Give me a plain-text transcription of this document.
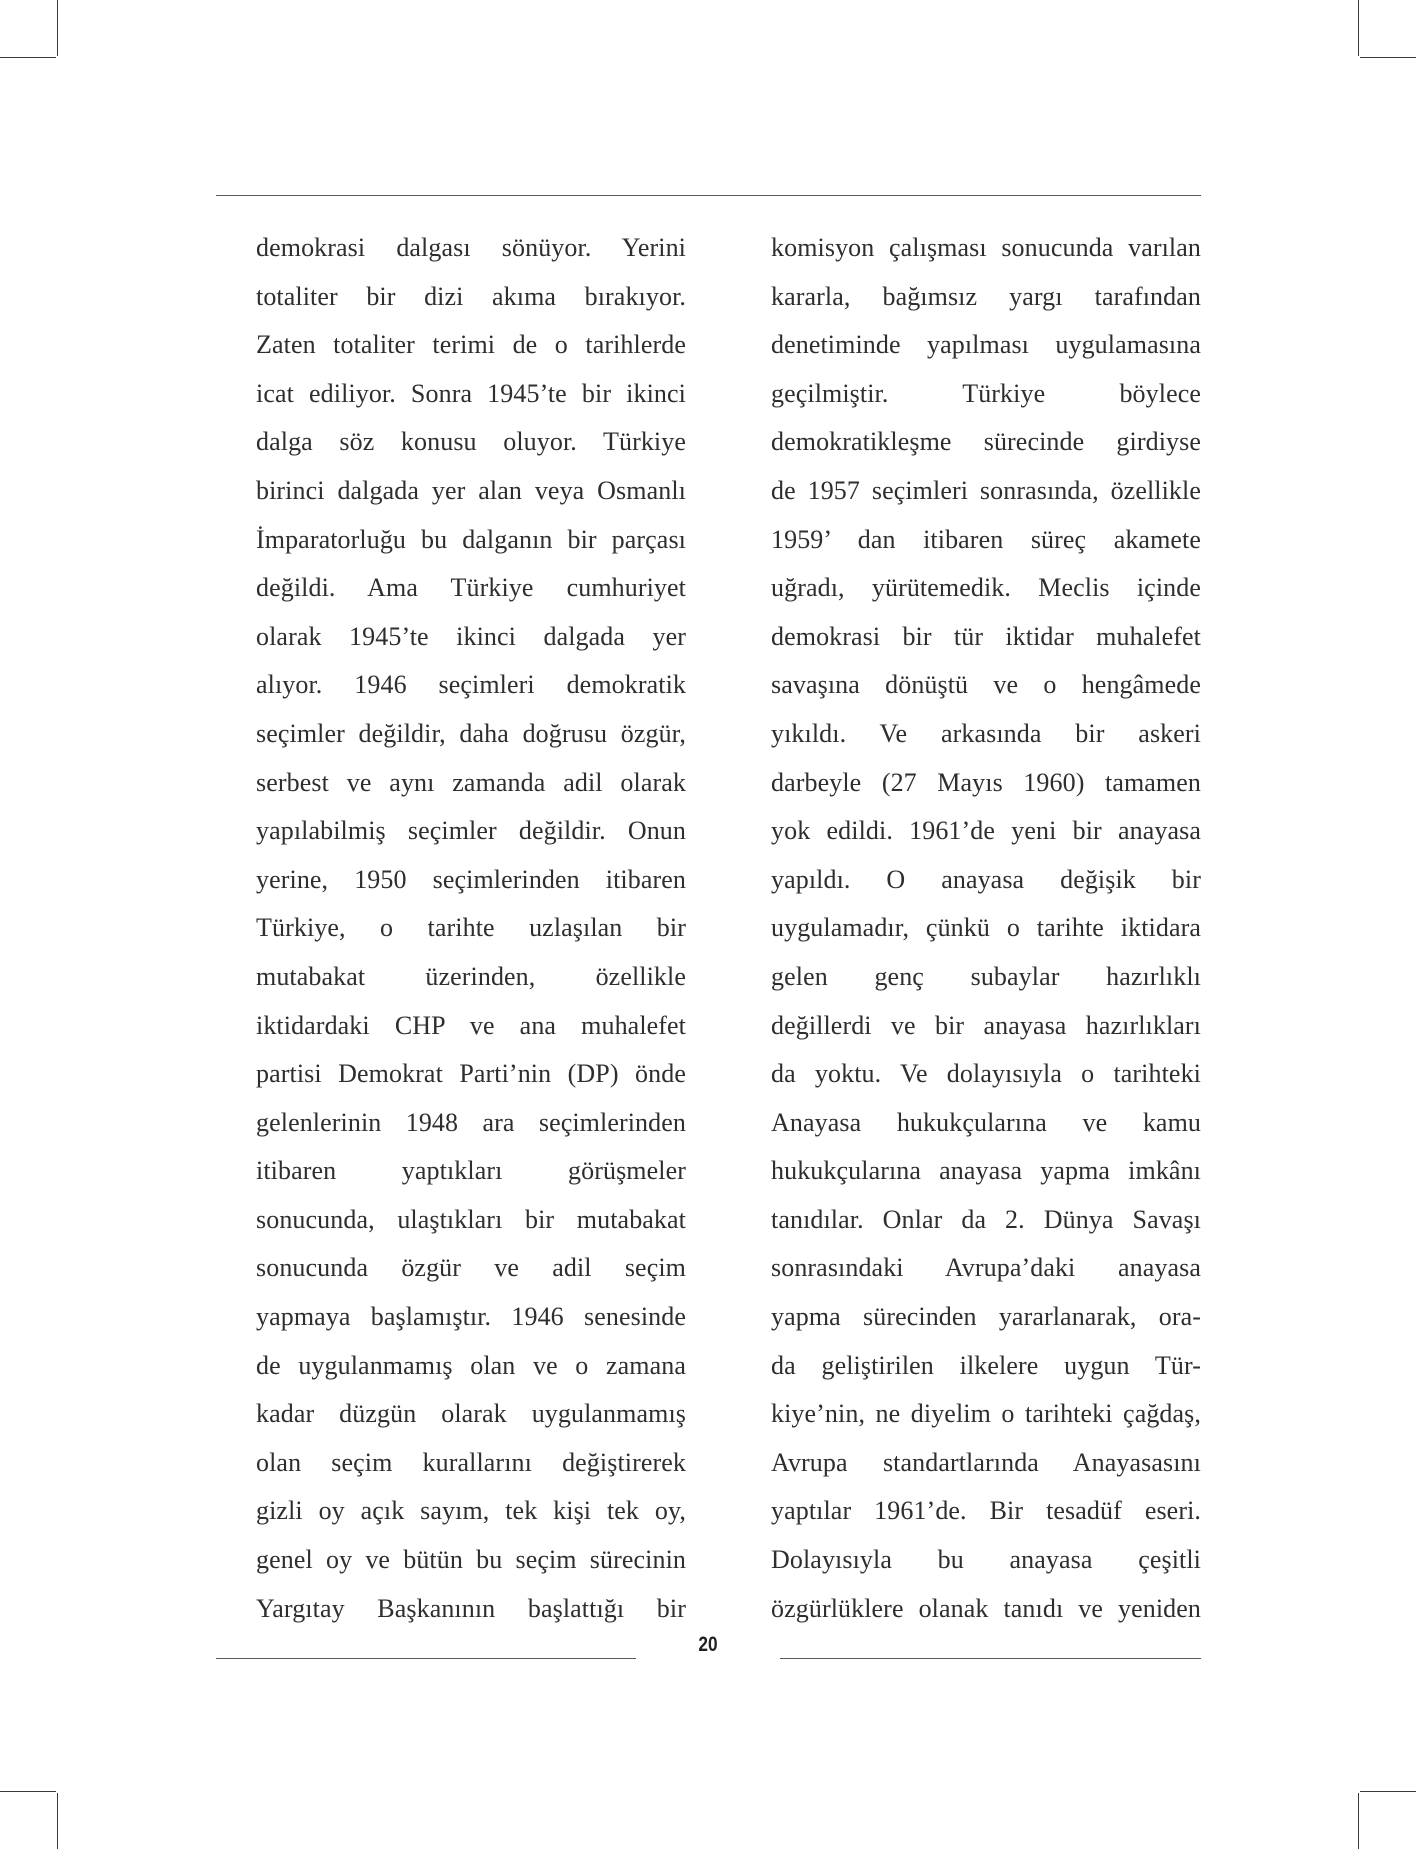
demokrasi dalgası sönüyor. Yerini
totaliter bir dizi akıma bırakıyor.
Zaten totaliter terimi de o tarihlerde
icat ediliyor. Sonra 1945’te bir ikinci
dalga söz konusu oluyor. Türkiye
birinci dalgada yer alan veya Osmanlı
İmparatorluğu bu dalganın bir parçası
değildi. Ama Türkiye cumhuriyet
olarak 1945’te ikinci dalgada yer
alıyor. 1946 seçimleri demokratik
seçimler değildir, daha doğrusu özgür,
serbest ve aynı zamanda adil olarak
yapılabilmiş seçimler değildir. Onun
yerine, 1950 seçimlerinden itibaren
Türkiye, o tarihte uzlaşılan bir
mutabakat üzerinden, özellikle
iktidardaki CHP ve ana muhalefet
partisi Demokrat Parti’nin (DP) önde
gelenlerinin 1948 ara seçimlerinden
itibaren yaptıkları görüşmeler
sonucunda, ulaştıkları bir mutabakat
sonucunda özgür ve adil seçim
yapmaya başlamıştır. 1946 senesinde
de uygulanmamış olan ve o zamana
kadar düzgün olarak uygulanmamış
olan seçim kurallarını değiştirerek
gizli oy açık sayım, tek kişi tek oy,
genel oy ve bütün bu seçim sürecinin
Yargıtay Başkanının başlattığı bir
komisyon çalışması sonucunda varılan
kararla, bağımsız yargı tarafından
denetiminde yapılması uygulamasına
geçilmiştir. Türkiye böylece
demokratikleşme sürecinde girdiyse
de 1957 seçimleri sonrasında, özellikle
1959’ dan itibaren süreç akamete
uğradı, yürütemedik. Meclis içinde
demokrasi bir tür iktidar muhalefet
savaşına dönüştü ve o hengâmede
yıkıldı. Ve arkasında bir askeri
darbeyle (27 Mayıs 1960) tamamen
yok edildi. 1961’de yeni bir anayasa
yapıldı. O anayasa değişik bir
uygulamadır, çünkü o tarihte iktidara
gelen genç subaylar hazırlıklı
değillerdi ve bir anayasa hazırlıkları
da yoktu. Ve dolayısıyla o tarihteki
Anayasa hukukçularına ve kamu
hukukçularına anayasa yapma imkânı
tanıdılar. Onlar da 2. Dünya Savaşı
sonrasındaki Avrupa’daki anayasa
yapma sürecinden yararlanarak, ora-
da geliştirilen ilkelere uygun Tür-
kiye’nin, ne diyelim o tarihteki çağdaş,
Avrupa standartlarında Anayasasını
yaptılar 1961’de. Bir tesadüf eseri.
Dolayısıyla bu anayasa çeşitli
özgürlüklere olanak tanıdı ve yeniden
20
